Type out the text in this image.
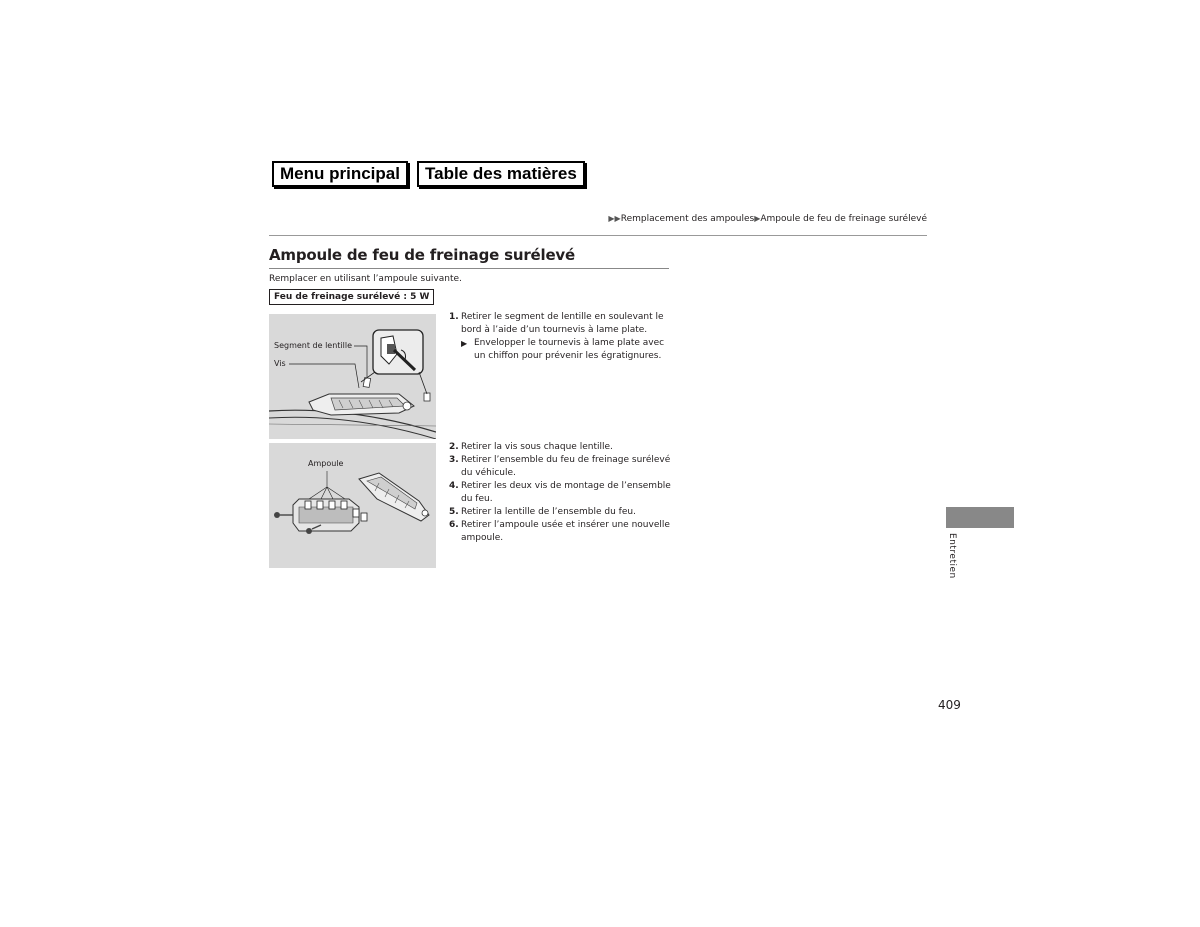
Menu principal	Table des matières
▶▶Remplacement des ampoules▶Ampoule de feu de freinage surélevé
Ampoule de feu de freinage surélevé
Remplacer en utilisant l’ampoule suivante.
Feu de freinage surélevé : 5 W
Segment de lentille
Vis
1. Retirer le segment de lentille en soulevant le bord à l’aide d’un tournevis à lame plate.
▶ Envelopper le tournevis à lame plate avec un chiffon pour prévenir les égratignures.
Ampoule
2. Retirer la vis sous chaque lentille.
3. Retirer l’ensemble du feu de freinage surélevé du véhicule.
4. Retirer les deux vis de montage de l’ensemble du feu.
5. Retirer la lentille de l’ensemble du feu.
6. Retirer l’ampoule usée et insérer une nouvelle ampoule.	Entretien
409
